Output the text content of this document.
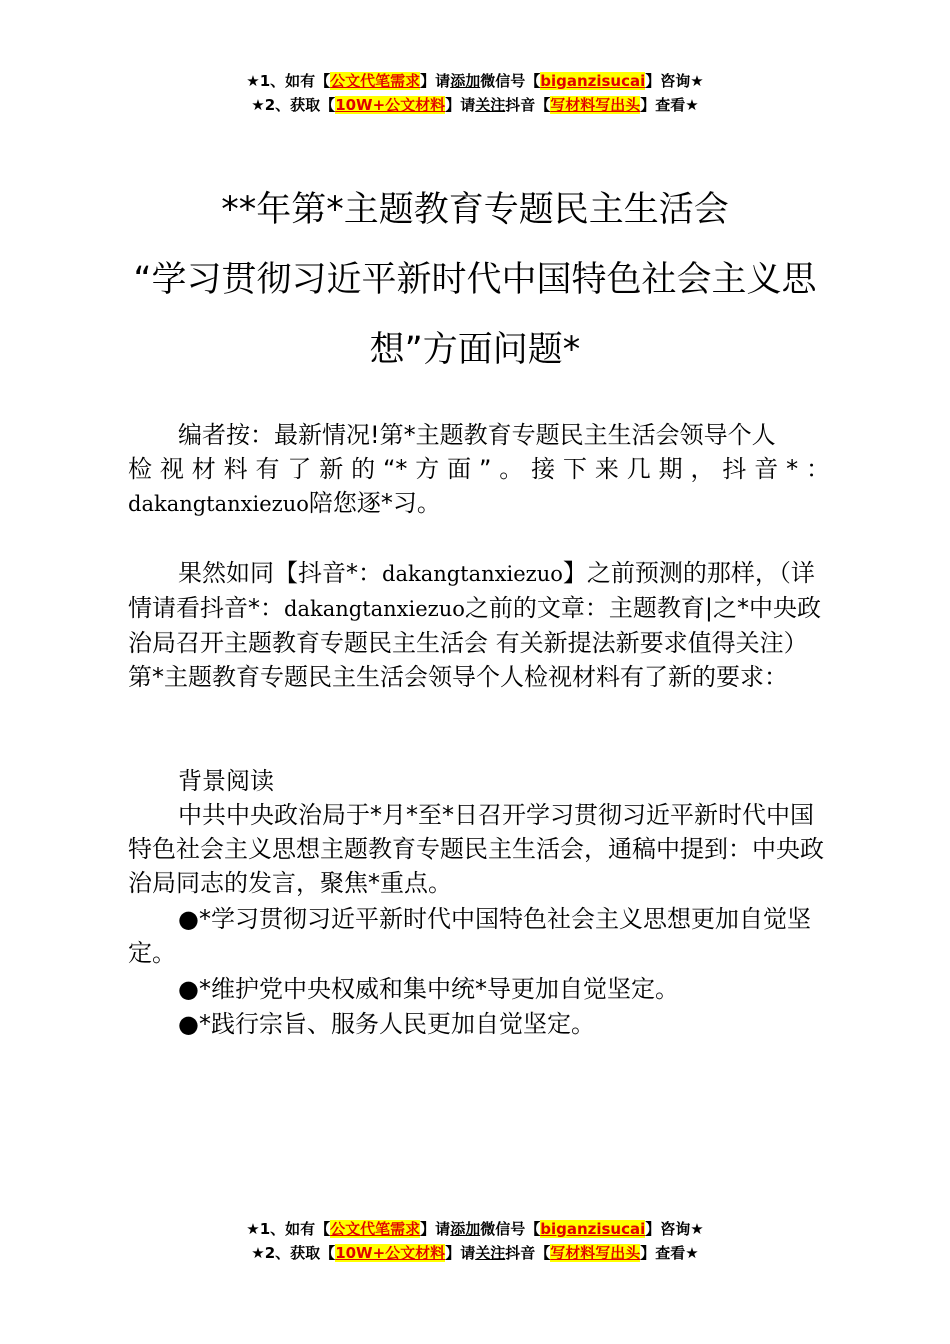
★1、如有【公文代笔需求】请添加微信号【biganzisucai】咨询★
★2、获取【10W+公文材料】请关注抖音【写材料写出头】查看★
**年第*主题教育专题民主生活会
“学习贯彻习近平新时代中国特色社会主义思
想”方面问题*
编者按：最新情况!第*主题教育专题民主生活会领导个人
检视材料有了新的“*方面”。接下来几期，抖音*：
dakangtanxiezuo陪您逐*习。
果然如同【抖音*：dakangtanxiezuo】之前预测的那样，（详情请看抖音*：dakangtanxiezuo之前的文章：主题教育|之*中央政治局召开主题教育专题民主生活会 有关新提法新要求值得关注）第*主题教育专题民主生活会领导个人检视材料有了新的要求：
背景阅读
中共中央政治局于*月*至*日召开学习贯彻习近平新时代中国特色社会主义思想主题教育专题民主生活会，通稿中提到：中央政治局同志的发言，聚焦*重点。
●*学习贯彻习近平新时代中国特色社会主义思想更加自觉坚定。
●*维护党中央权威和集中统*导更加自觉坚定。
●*践行宗旨、服务人民更加自觉坚定。
★1、如有【公文代笔需求】请添加微信号【biganzisucai】咨询★
★2、获取【10W+公文材料】请关注抖音【写材料写出头】查看★
